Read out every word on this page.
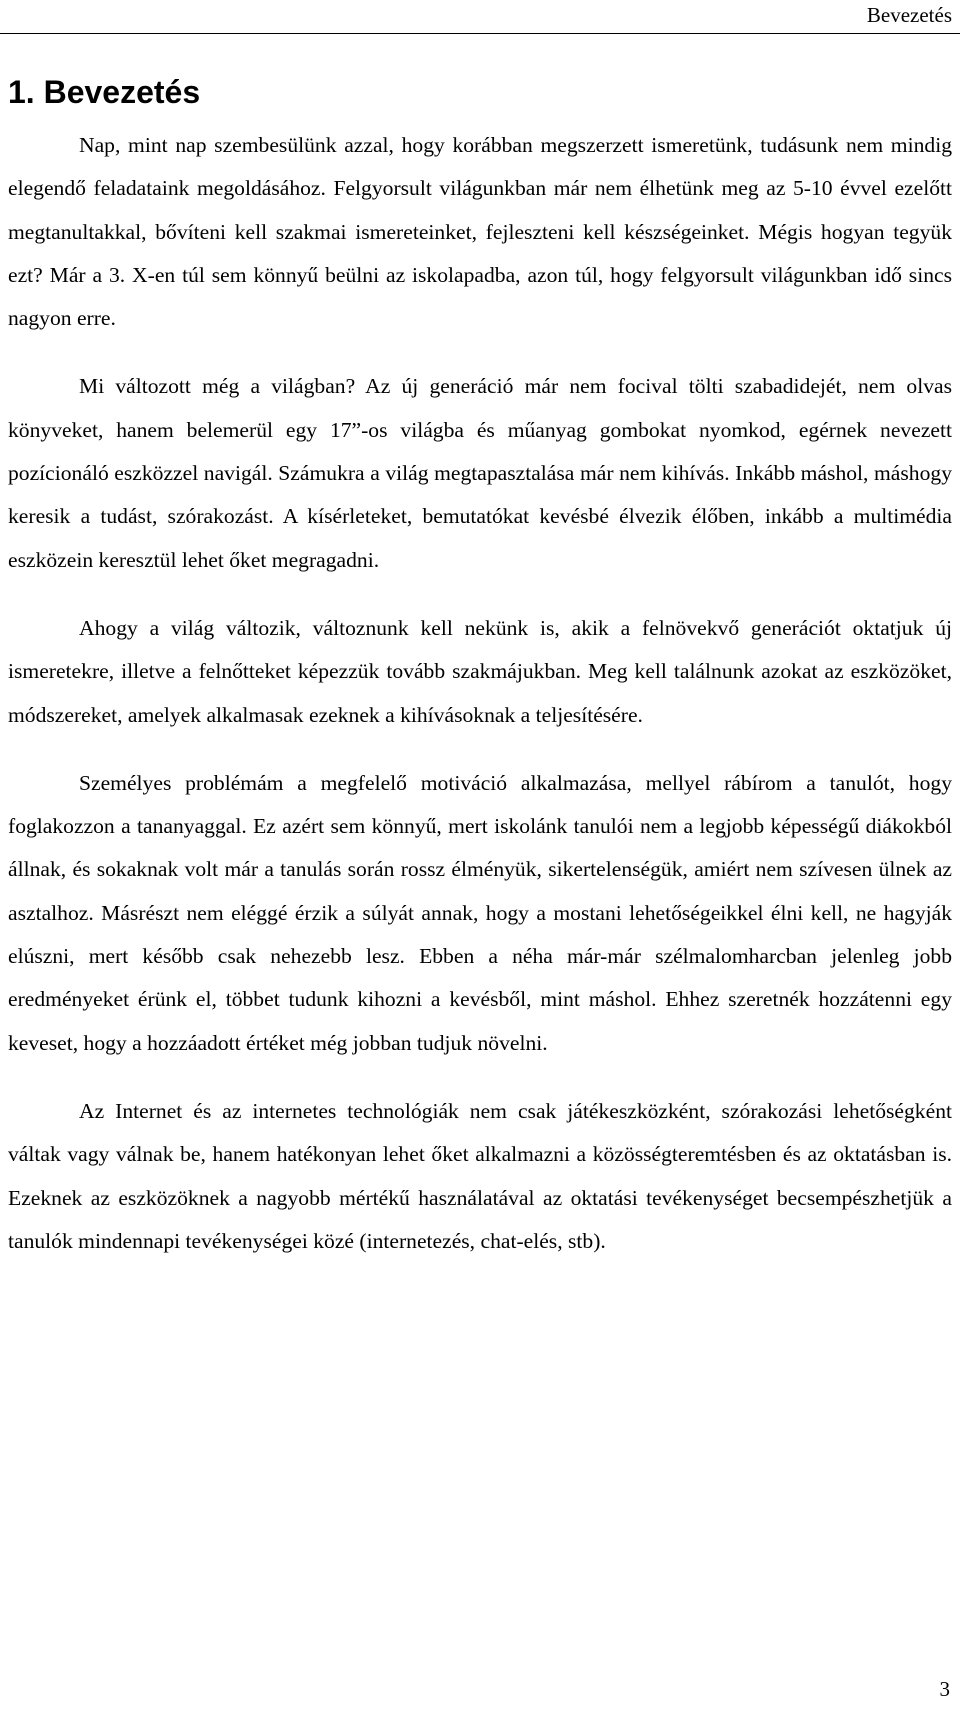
Bevezetés
1. Bevezetés

Nap, mint nap szembesülünk azzal, hogy korábban megszerzett ismeretünk, tudásunk nem mindig elegendő feladataink megoldásához. Felgyorsult világunkban már nem élhetünk meg az 5-10 évvel ezelőtt megtanultakkal, bővíteni kell szakmai ismereteinket, fejleszteni kell készségeinket. Mégis hogyan tegyük ezt? Már a 3. X-en túl sem könnyű beülni az iskolapadba, azon túl, hogy felgyorsult világunkban idő sincs nagyon erre.

Mi változott még a világban? Az új generáció már nem focival tölti szabadidejét, nem olvas könyveket, hanem belemerül egy 17”-os világba és műanyag gombokat nyomkod, egérnek nevezett pozícionáló eszközzel navigál. Számukra a világ megtapasztalása már nem kihívás. Inkább máshol, máshogy keresik a tudást, szórakozást. A kísérleteket, bemutatókat kevésbé élvezik élőben, inkább a multimédia eszközein keresztül lehet őket megragadni.

Ahogy a világ változik, változnunk kell nekünk is, akik a felnövekvő generációt oktatjuk új ismeretekre, illetve a felnőtteket képezzük tovább szakmájukban. Meg kell találnunk azokat az eszközöket, módszereket, amelyek alkalmasak ezeknek a kihívásoknak a teljesítésére.

Személyes problémám a megfelelő motiváció alkalmazása, mellyel rábírom a tanulót, hogy foglakozzon a tananyaggal. Ez azért sem könnyű, mert iskolánk tanulói nem a legjobb képességű diákokból állnak, és sokaknak volt már a tanulás során rossz élményük, sikertelenségük, amiért nem szívesen ülnek az asztalhoz. Másrészt nem eléggé érzik a súlyát annak, hogy a mostani lehetőségeikkel élni kell, ne hagyják elúszni, mert később csak nehezebb lesz. Ebben a néha már-már szélmalomharcban jelenleg jobb eredményeket érünk el, többet tudunk kihozni a kevésből, mint máshol. Ehhez szeretnék hozzátenni egy keveset, hogy a hozzáadott értéket még jobban tudjuk növelni.

Az Internet és az internetes technológiák nem csak játékeszközként, szórakozási lehetőségként váltak vagy válnak be, hanem hatékonyan lehet őket alkalmazni a közösségteremtésben és az oktatásban is. Ezeknek az eszközöknek a nagyobb mértékű használatával az oktatási tevékenységet becsempészhetjük a tanulók mindennapi tevékenységei közé (internetezés, chat-elés, stb).

3
